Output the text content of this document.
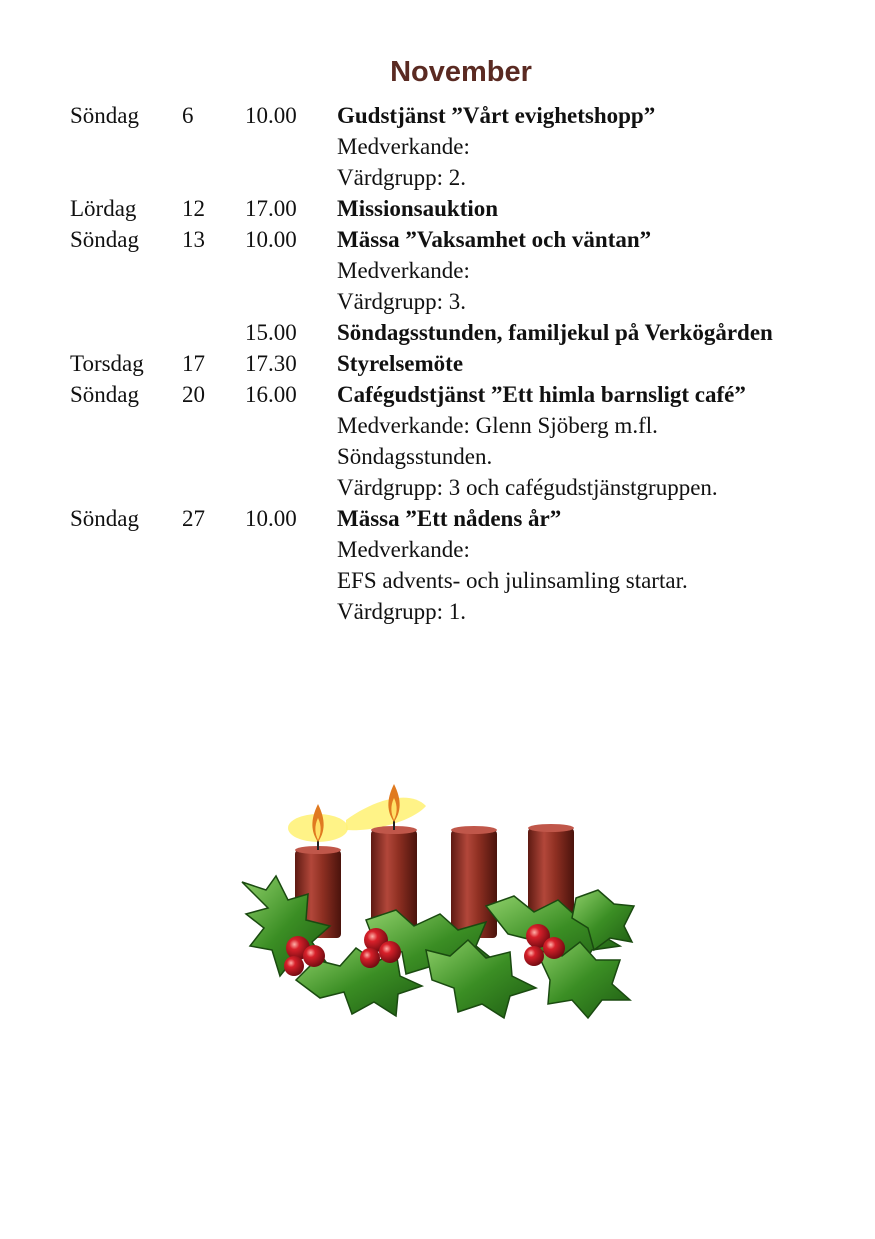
November
Söndag 6 10.00 Gudstjänst ”Vårt evighetshopp”
Medverkande:
Värdgrupp: 2.
Lördag 12 17.00 Missionsauktion
Söndag 13 10.00 Mässa ”Vaksamhet och väntan”
Medverkande:
Värdgrupp: 3.
15.00 Söndagsstunden, familjekul på Verkögården
Torsdag 17 17.30 Styrelsemöte
Söndag 20 16.00 Cafégudstjänst ”Ett himla barnsligt café”
Medverkande: Glenn Sjöberg m.fl.
Söndagsstunden.
Värdgrupp: 3 och cafégudstjänstgruppen.
Söndag 27 10.00 Mässa ”Ett nådens år”
Medverkande:
EFS advents- och julinsamling startar.
Värdgrupp: 1.
